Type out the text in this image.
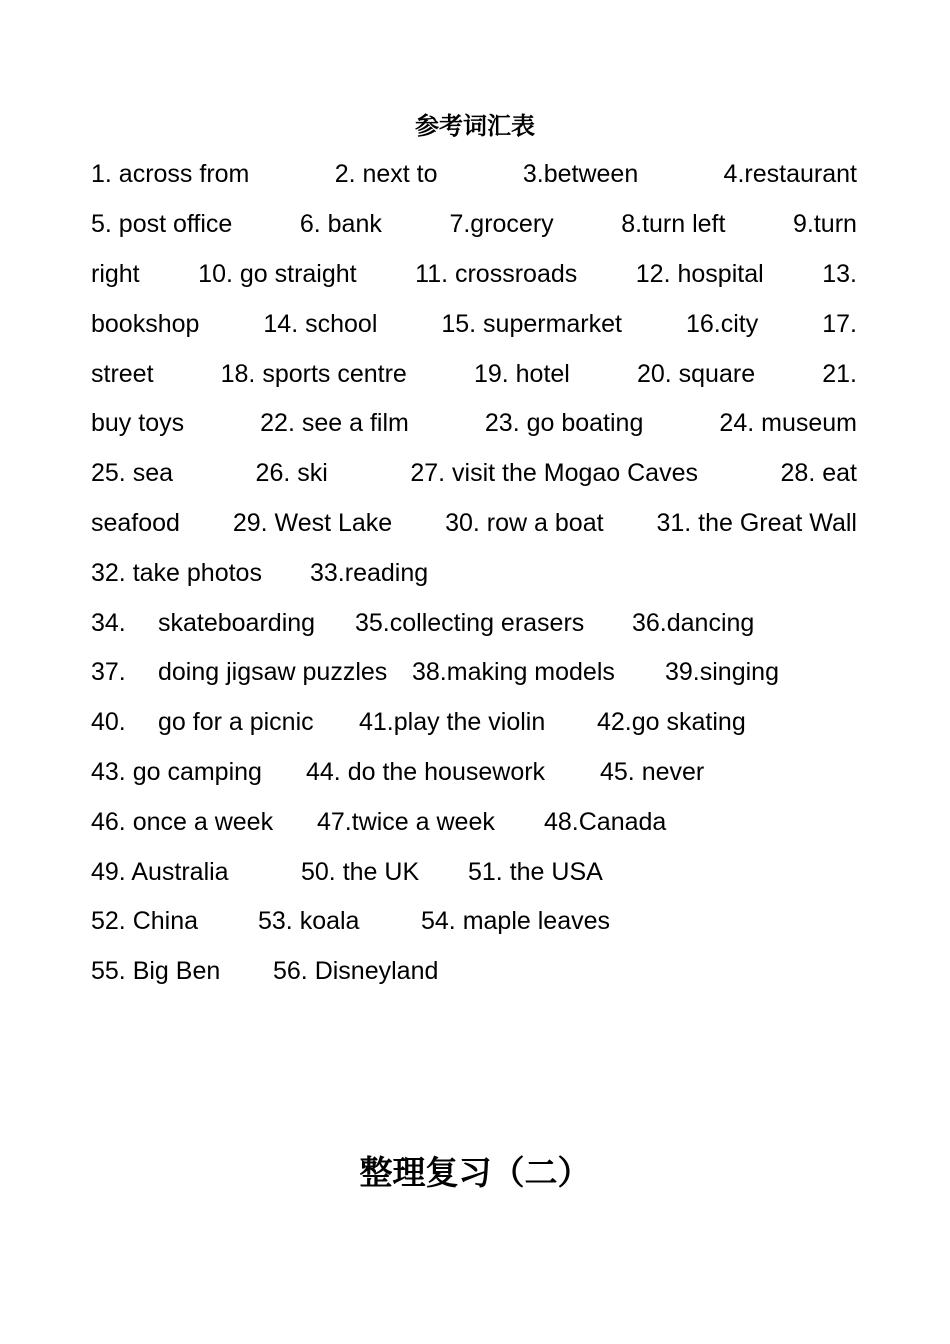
参考词汇表
1. across from	2. next to	3.between	4.restaurant
5. post office	6. bank	7.grocery	8.turn left	9.turn
right 10. go straight 11. crossroads 12. hospital 13.
bookshop	14. school	15. supermarket	16.city	17.
street	18. sports centre	19. hotel	20. square	21.
buy toys	22. see a film	23. go boating	24. museum
25. sea	26. ski	27. visit the Mogao Caves	28. eat
seafood 29. West Lake 30. row a boat 31. the Great Wall
32. take photos	33.reading
34.	skateboarding	35.collecting erasers	36.dancing
37.	doing jigsaw puzzles 38.making models	39.singing
40.	go for a picnic	41.play the violin	42.go skating
43. go camping	44. do the housework	45. never
46. once a week	47.twice a week	48.Canada
49. Australia	50. the UK	51. the USA
52. China	53. koala	54. maple leaves
55. Big Ben	56. Disneyland
整理复习（二）
